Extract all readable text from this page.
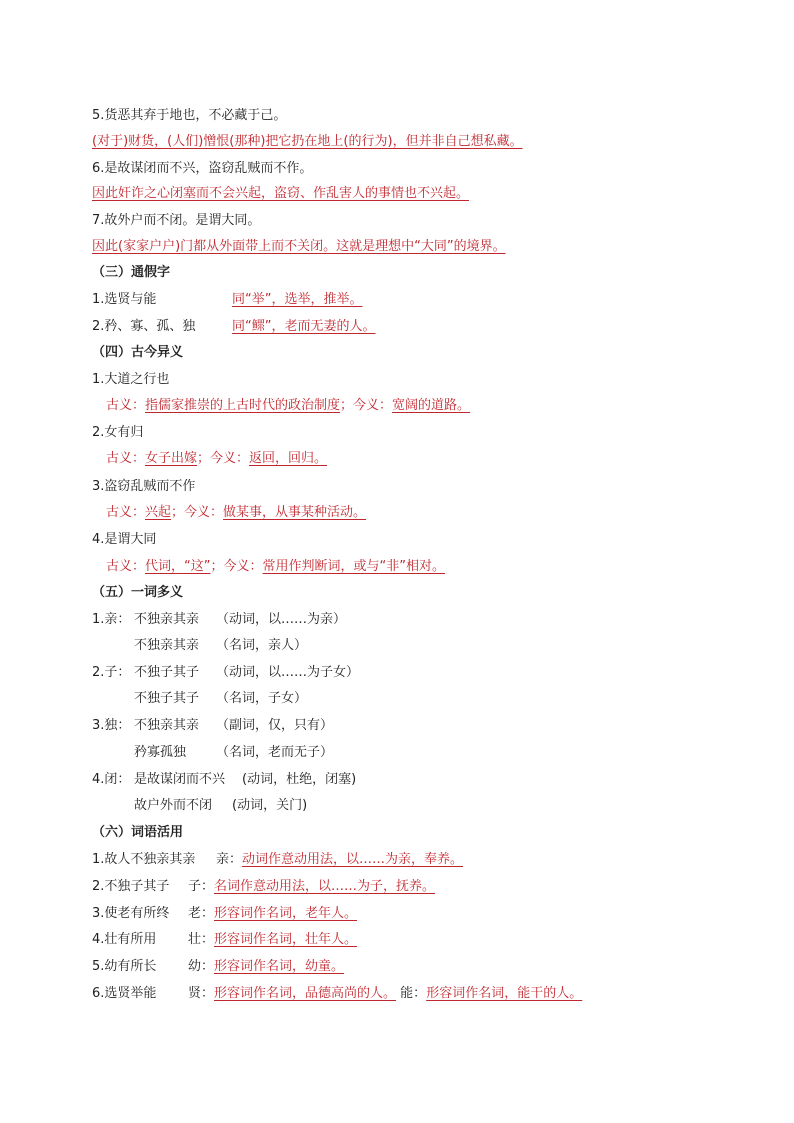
5.货恶其弃于地也，不必藏于己。
(对于)财货，(人们)憎恨(那种)把它扔在地上(的行为)，但并非自己想私藏。
6.是故谋闭而不兴，盗窃乱贼而不作。
因此奸诈之心闭塞而不会兴起，盗窃、作乱害人的事情也不兴起。
7.故外户而不闭。是谓大同。
因此(家家户户)门都从外面带上而不关闭。这就是理想中“大同”的境界。
（三）通假字
1.选贤与能	同“举”，选举，推举。
2.矜、寡、孤、独	同“鳏”，老而无妻的人。
（四）古今异义
1.大道之行也
古义：指儒家推崇的上古时代的政治制度；今义：宽阔的道路。
2.女有归
古义：女子出嫁；今义：返回，回归。
3.盗窃乱贼而不作
古义：兴起；今义：做某事，从事某种活动。
4.是谓大同
古义：代词，“这”；今义：常用作判断词，或与“非”相对。
（五）一词多义
1.亲： 不独亲其亲 （动词，以……为亲）
不独亲其亲 （名词，亲人）
2.子： 不独子其子 （动词，以……为子女）
不独子其子 （名词，子女）
3.独： 不独亲其亲 （副词，仅，只有）
矜寡孤独 （名词，老而无子）
4.闭： 是故谋闭而不兴 (动词，杜绝，闭塞)
故户外而不闭 (动词，关门)
（六）词语活用
1.故人不独亲其亲 亲：动词作意动用法，以……为亲，奉养。
2.不独子其子 子：名词作意动用法，以……为子，抚养。
3.使老有所终 老：形容词作名词，老年人。
4.壮有所用 壮：形容词作名词，壮年人。
5.幼有所长 幼：形容词作名词，幼童。
6.选贤举能 贤：形容词作名词，品德高尚的人。 能：形容词作名词，能干的人。
